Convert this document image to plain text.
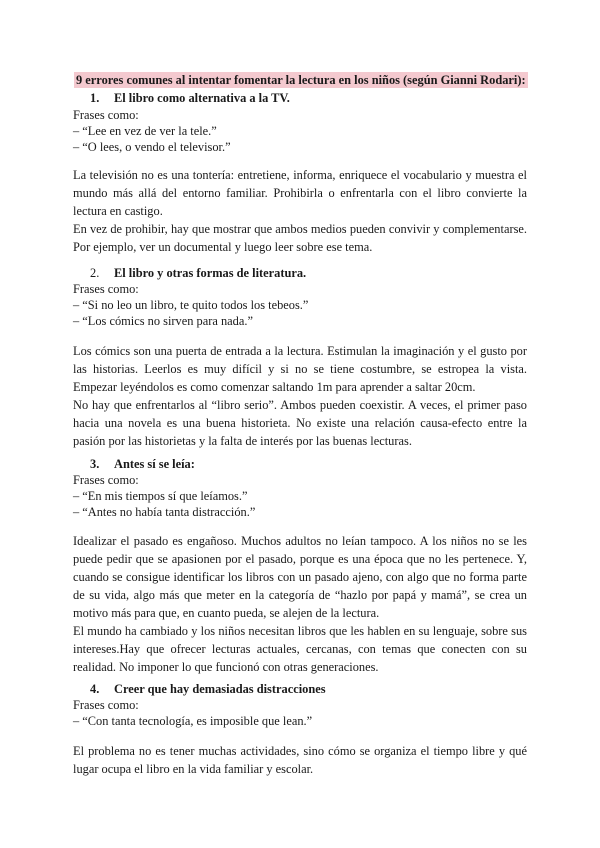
9 errores comunes al intentar fomentar la lectura en los niños (según Gianni Rodari):
1. El libro como alternativa a la TV.
Frases como:
– “Lee en vez de ver la tele.”
– “O lees, o vendo el televisor.”

La televisión no es una tontería: entretiene, informa, enriquece el vocabulario y muestra el mundo más allá del entorno familiar. Prohibirla o enfrentarla con el libro convierte la lectura en castigo.

En vez de prohibir, hay que mostrar que ambos medios pueden convivir y complementarse. Por ejemplo, ver un documental y luego leer sobre ese tema.

2. El libro y otras formas de literatura.
Frases como:
– “Si no leo un libro, te quito todos los tebeos.”
– “Los cómics no sirven para nada.”

Los cómics son una puerta de entrada a la lectura. Estimulan la imaginación y el gusto por las historias. Leerlos es muy difícil y si no se tiene costumbre, se estropea la vista. Empezar leyéndolos es como comenzar saltando 1m para aprender a saltar 20cm.

No hay que enfrentarlos al “libro serio”. Ambos pueden coexistir. A veces, el primer paso hacia una novela es una buena historieta. No existe una relación causa-efecto entre la pasión por las historietas y la falta de interés por las buenas lecturas.

3. Antes sí se leía:
Frases como:
– “En mis tiempos sí que leíamos.”
– “Antes no había tanta distracción.”

Idealizar el pasado es engañoso. Muchos adultos no leían tampoco. A los niños no se les puede pedir que se apasionen por el pasado, porque es una época que no les pertenece. Y, cuando se consigue identificar los libros con un pasado ajeno, con algo que no forma parte de su vida, algo más que meter en la categoría de “hazlo por papá y mamá”, se crea un motivo más para que, en cuanto pueda, se alejen de la lectura.

El mundo ha cambiado y los niños necesitan libros que les hablen en su lenguaje, sobre sus intereses.Hay que ofrecer lecturas actuales, cercanas, con temas que conecten con su realidad. No imponer lo que funcionó con otras generaciones.

4. Creer que hay demasiadas distracciones
Frases como:
– “Con tanta tecnología, es imposible que lean.”

El problema no es tener muchas actividades, sino cómo se organiza el tiempo libre y qué lugar ocupa el libro en la vida familiar y escolar.
